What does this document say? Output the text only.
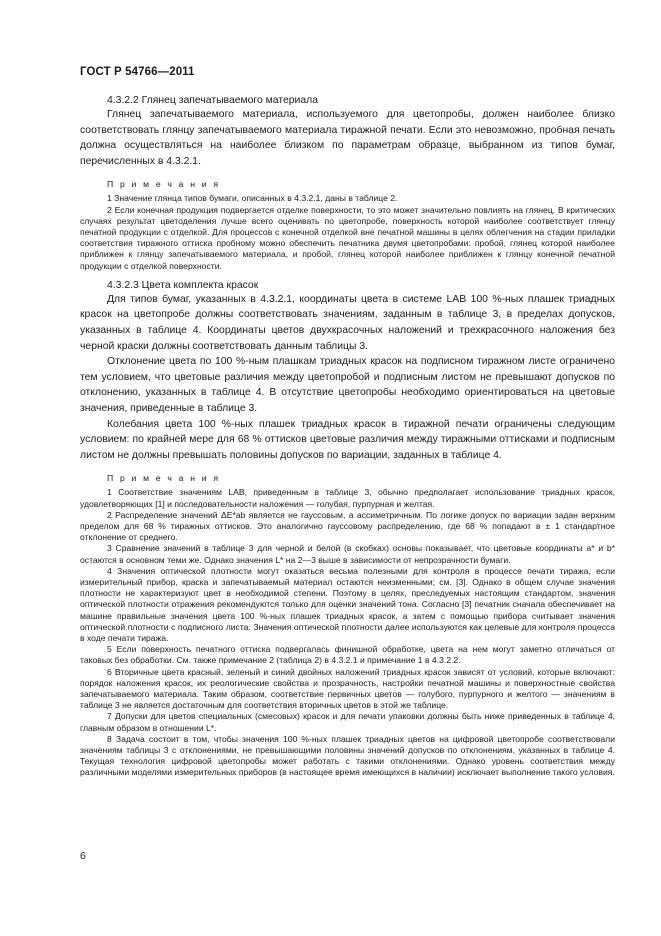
ГОСТ Р 54766—2011

4.3.2.2 Глянец запечатываемого материала

Глянец запечатываемого материала, используемого для цветопробы, должен наиболее близко соответствовать глянцу запечатываемого материала тиражной печати. Если это невозможно, пробная печать должна осуществляться на наиболее близком по параметрам образце, выбранном из типов бумаг, перечисленных в 4.3.2.1.

П р и м е ч а н и я

1 Значение глянца типов бумаги, описанных в 4.3.2.1, даны в таблице 2.

2 Если конечная продукция подвергается отделке поверхности, то это может значительно повлиять на глянец. В критических случаях результат цветоделения лучше всего оценивать по цветопробе, поверхность которой наиболее соответствует глянцу печатной продукции с отделкой. Для процессов с конечной отделкой вне печатной машины в целях облегчения на стадии приладки соответствия тиражного оттиска пробному можно обеспечить печатника двумя цветопробами: пробой, глянец которой наиболее приближен к глянцу запечатываемого материала, и пробой, глянец которой наиболее приближен к глянцу конечной печатной продукции с отделкой поверхности.

4.3.2.3 Цвета комплекта красок

Для типов бумаг, указанных в 4.3.2.1, координаты цвета в системе LAB 100 %-ных плашек триадных красок на цветопробе должны соответствовать значениям, заданным в таблице 3, в пределах допусков, указанных в таблице 4. Координаты цветов двухкрасочных наложений и трехкрасочного наложения без черной краски должны соответствовать данным таблицы 3.

Отклонение цвета по 100 %-ным плашкам триадных красок на подписном тиражном листе ограничено тем условием, что цветовые различия между цветопробой и подписным листом не превышают допусков по отклонению, указанных в таблице 4. В отсутствие цветопробы необходимо ориентироваться на цветовые значения, приведенные в таблице 3.

Колебания цвета 100 %-ных плашек триадных красок в тиражной печати ограничены следующим условием: по крайней мере для 68 % оттисков цветовые различия между тиражными оттисками и подписным листом не должны превышать половины допусков по вариации, заданных в таблице 4.

П р и м е ч а н и я

1 Соответствие значениям LAB, приведенным в таблице 3, обычно предполагает использование триадных красок, удовлетворяющих [1] и последовательности наложения — голубая, пурпурная и желтая.

2 Распределение значений ΔE*ab является не гауссовым, а ассиметричным. По логике допуск по вариации задан верхним пределом для 68 % тиражных оттисков. Это аналогично гауссовому распределению, где 68 % попадают в ± 1 стандартное отклонение от среднего.

3 Сравнение значений в таблице 3 для черной и белой (в скобках) основы показывает, что цветовые координаты a* и b* остаются в основном теми же. Однако значения L* на 2—3 выше в зависимости от непрозрачности бумаги.

4 Значения оптической плотности могут оказаться весьма полезными для контроля в процессе печати тиража, если измерительный прибор, краска и запечатываемый материал остаются неизменными; см. [3]. Однако в общем случае значения плотности не характеризуют цвет в необходимой степени. Поэтому в целях, преследуемых настоящим стандартом, значения оптической плотности отражения рекомендуются только для оценки значений тона. Согласно [3] печатник сначала обеспечивает на машине правильные значения цвета 100 %-ных плашек триадных красок, а затем с помощью прибора считывает значения оптической плотности с подписного листа. Значения оптической плотности далее используются как целевые для контроля процесса в ходе печати тиража.

5 Если поверхность печатного оттиска подвергалась финишной обработке, цвета на нем могут заметно отличаться от таковых без обработки. См. также примечание 2 (таблица 2) в 4.3.2.1 и примечание 1 в 4.3.2.2.

6 Вторичные цвета красный, зеленый и синий двойных наложений триадных красок зависят от условий, которые включают: порядок наложения красок, их реологические свойства и прозрачность, настройки печатной машины и поверхностные свойства запечатываемого материала. Таким образом, соответствие первичных цветов — голубого, пурпурного и желтого — значениям в таблице 3 не является достаточным для соответствия вторичных цветов в этой же таблице.

7 Допуски для цветов специальных (смесовых) красок и для печати упаковки должны быть ниже приведенных в таблице 4, главным образом в отношении L*.

8 Задача состоит в том, чтобы значения 100 %-ных плашек триадных цветов на цифровой цветопробе соответствовали значениям таблицы 3 с отклонениями, не превышающими половины значений допусков по отклонениям, указанных в таблице 4. Текущая технология цифровой цветопробы может работать с такими отклонениями. Однако уровень соответствия между различными моделями измерительных приборов (в настоящее время имеющихся в наличии) исключает выполнение такого условия.

6
